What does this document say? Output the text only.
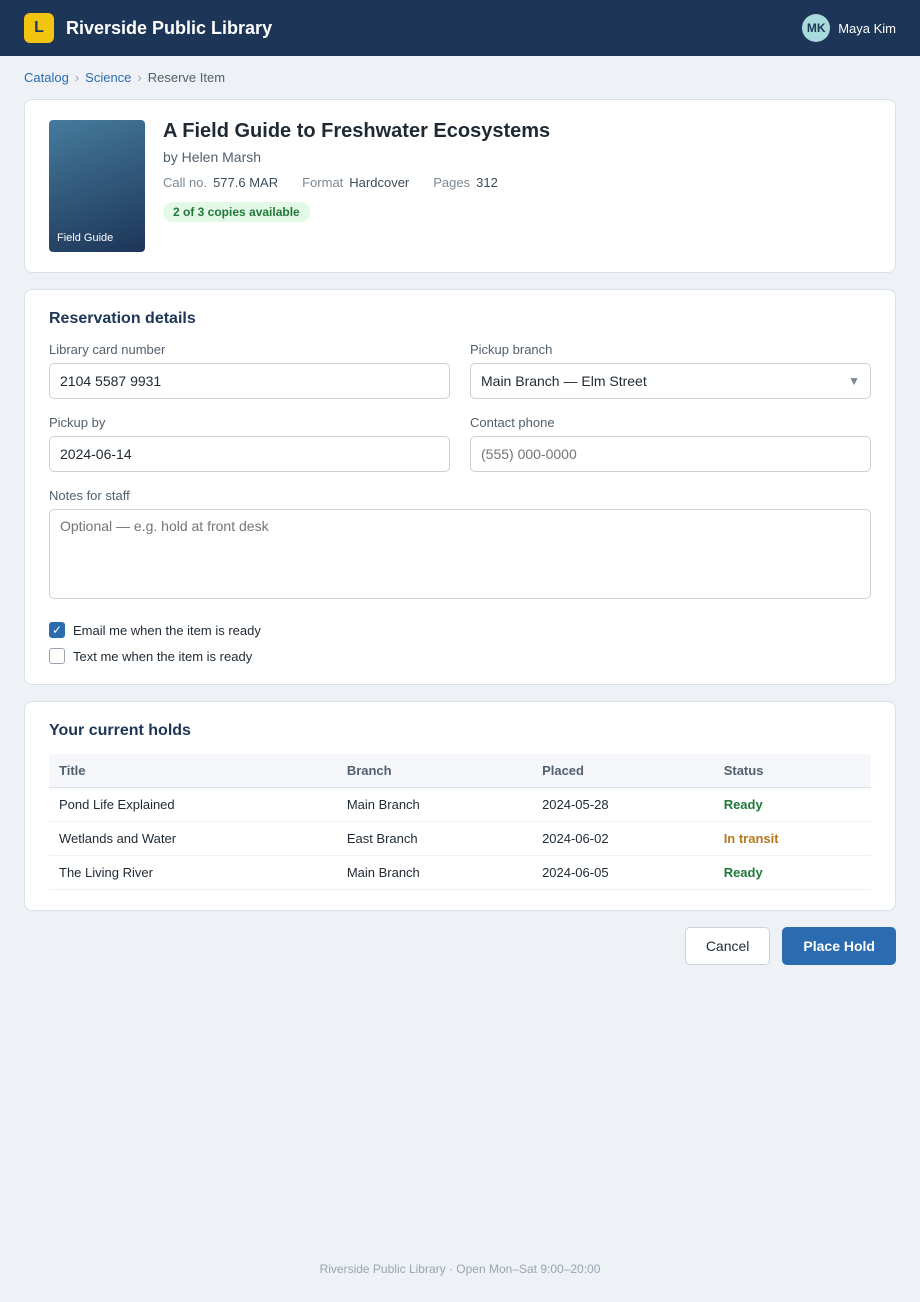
L	Riverside Public Library	MK Maya Kim
Catalog › Science › Reserve Item
Field Guide
A Field Guide to Freshwater Ecosystems
by Helen Marsh
Call no. 577.6 MAR Format Hardcover Pages 312
2 of 3 copies available
Reservation details
Library card number
2104 5587 9931	Pickup branch
Main Branch — Elm Street	▼
Pickup by
2024-06-14	Contact phone
(555) 000-0000
Notes for staff
Optional — e.g. hold at front desk
✓ Email me when the item is ready
Text me when the item is ready
Your current holds
Title	Branch	Placed	Status
Pond Life Explained	Main Branch	2024-05-28	Ready
Wetlands and Water	East Branch	2024-06-02	In transit
The Living River	Main Branch	2024-06-05	Ready
Cancel	Place Hold
Riverside Public Library · Open Mon–Sat 9:00–20:00
